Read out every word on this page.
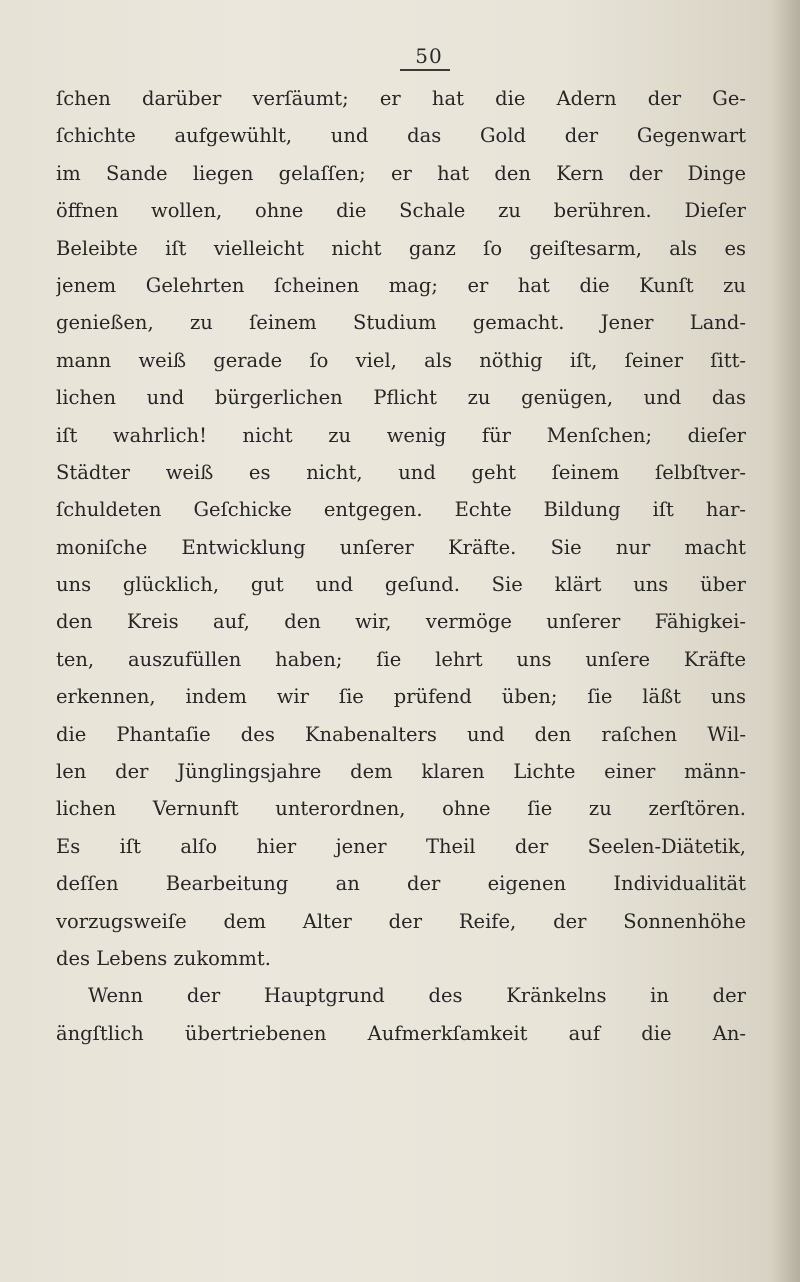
50
ſchen darüber verſäumt; er hat die Adern der Ge-
ſchichte aufgewühlt, und das Gold der Gegenwart
im Sande liegen gelaſſen; er hat den Kern der Dinge
öffnen wollen, ohne die Schale zu berühren. Dieſer
Beleibte iſt vielleicht nicht ganz ſo geiſtesarm, als es
jenem Gelehrten ſcheinen mag; er hat die Kunſt zu
genießen, zu ſeinem Studium gemacht. Jener Land-
mann weiß gerade ſo viel, als nöthig iſt, ſeiner ſitt-
lichen und bürgerlichen Pflicht zu genügen, und das
iſt wahrlich! nicht zu wenig für Menſchen; dieſer
Städter weiß es nicht, und geht ſeinem ſelbſtver-
ſchuldeten Geſchicke entgegen. Echte Bildung iſt har-
moniſche Entwicklung unſerer Kräfte. Sie nur macht
uns glücklich, gut und geſund. Sie klärt uns über
den Kreis auf, den wir, vermöge unſerer Fähigkei-
ten, auszufüllen haben; ſie lehrt uns unſere Kräfte
erkennen, indem wir ſie prüfend üben; ſie läßt uns
die Phantaſie des Knabenalters und den raſchen Wil-
len der Jünglingsjahre dem klaren Lichte einer männ-
lichen Vernunft unterordnen, ohne ſie zu zerſtören.
Es iſt alſo hier jener Theil der Seelen-Diätetik,
deſſen Bearbeitung an der eigenen Individualität
vorzugsweiſe dem Alter der Reife, der Sonnenhöhe
des Lebens zukommt.
Wenn der Hauptgrund des Kränkelns in der
ängſtlich übertriebenen Aufmerkſamkeit auf die An-
